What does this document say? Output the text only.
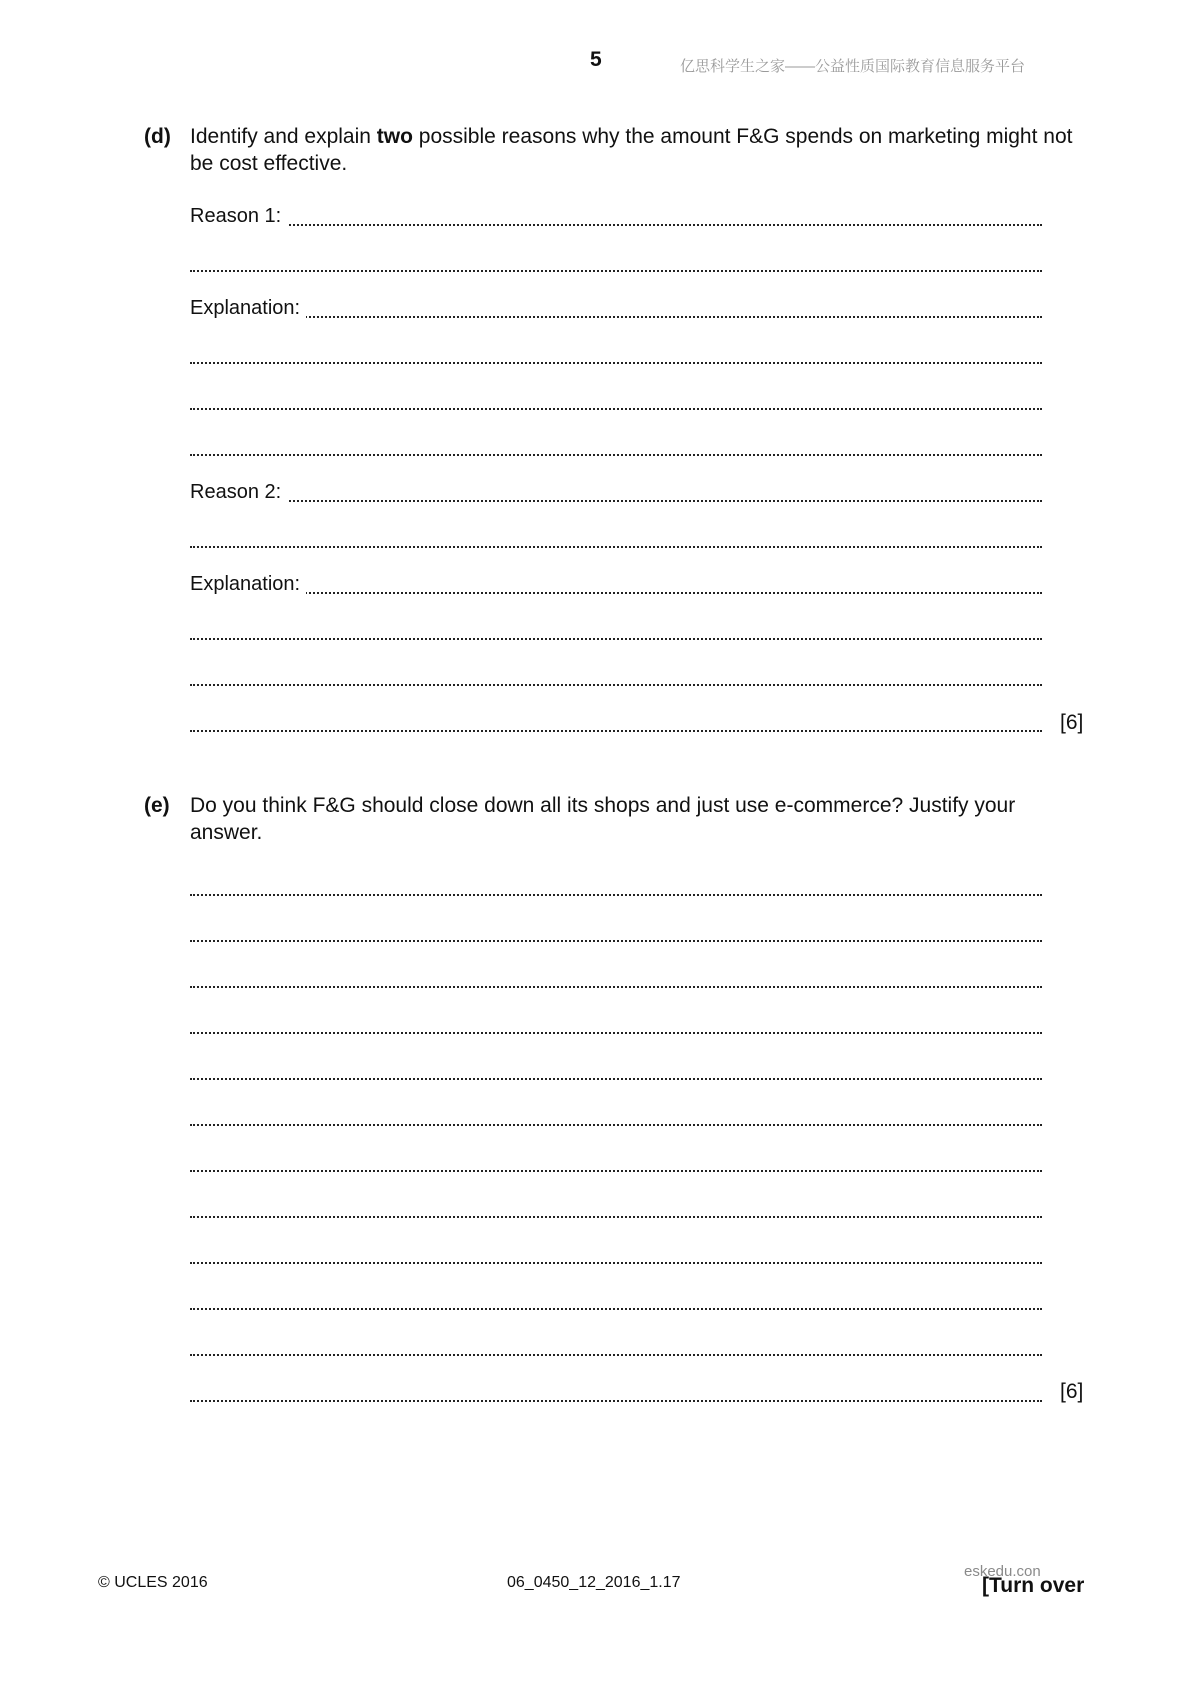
5	亿思科学生之家——公益性质国际教育信息服务平台
(d) Identify and explain two possible reasons why the amount F&G spends on marketing might not be cost effective.
Reason 1:
Explanation:
Reason 2:
Explanation:
[6]
(e) Do you think F&G should close down all its shops and just use e-commerce? Justify your answer.
[6]
© UCLES 2016	06_0450_12_2016_1.17
eskedu.con
[Turn over
